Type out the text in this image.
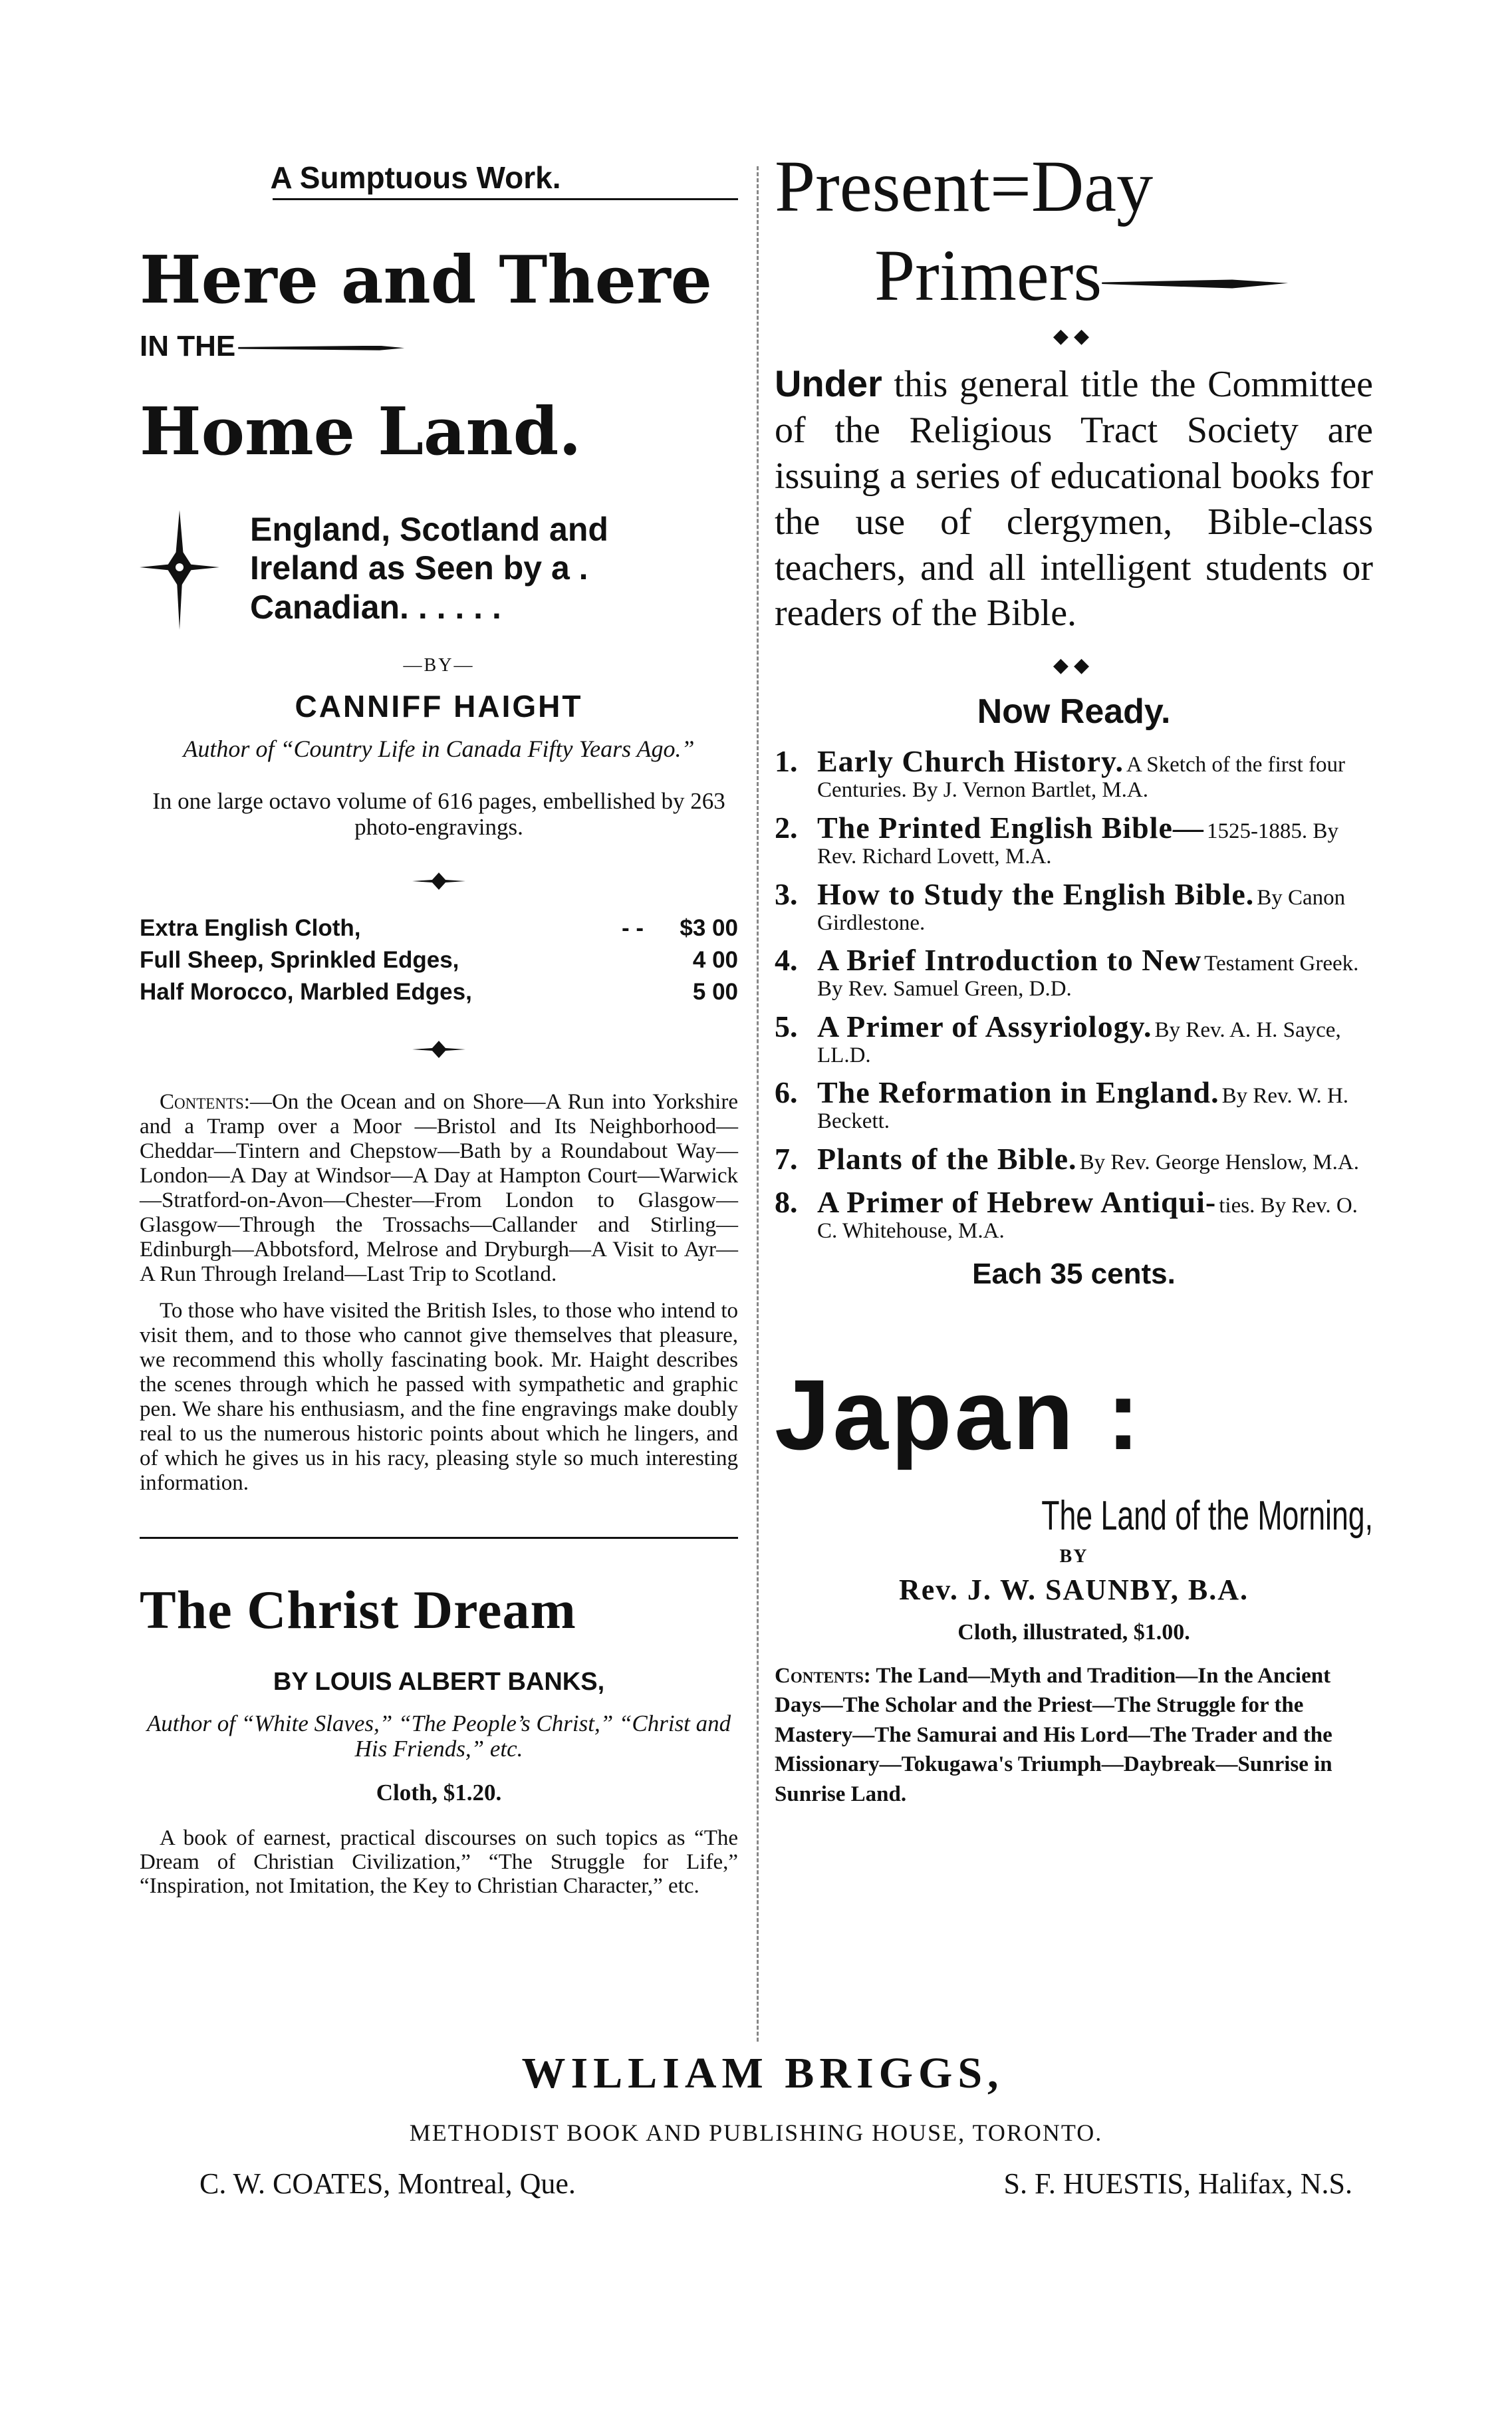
A Sumptuous Work.
Here and There
IN THE
Home Land.
England, Scotland and Ireland as Seen by a . Canadian. . . . . .
—BY—
CANNIFF HAIGHT
Author of “Country Life in Canada Fifty Years Ago.”
In one large octavo volume of 616 pages, embellished by 263 photo-engravings.
Extra English Cloth,	- -	$3 00
Full Sheep, Sprinkled Edges,		4 00
Half Morocco, Marbled Edges,		5 00
Contents:—On the Ocean and on Shore—A Run into Yorkshire and a Tramp over a Moor —Bristol and Its Neighborhood—Cheddar—Tintern and Chepstow—Bath by a Roundabout Way—London—A Day at Windsor—A Day at Hampton Court—Warwick—Stratford-on-Avon—Chester—From London to Glasgow—Glasgow—Through the Trossachs—Callander and Stirling—Edinburgh—Abbotsford, Melrose and Dryburgh—A Visit to Ayr—A Run Through Ireland—Last Trip to Scotland.
To those who have visited the British Isles, to those who intend to visit them, and to those who cannot give themselves that pleasure, we recommend this wholly fascinating book. Mr. Haight describes the scenes through which he passed with sympathetic and graphic pen. We share his enthusiasm, and the fine engravings make doubly real to us the numerous historic points about which he lingers, and of which he gives us in his racy, pleasing style so much interesting information.
The Christ Dream
BY LOUIS ALBERT BANKS,
Author of “White Slaves,” “The People’s Christ,” “Christ and His Friends,” etc.
Cloth, $1.20.
A book of earnest, practical discourses on such topics as “The Dream of Christian Civilization,” “The Struggle for Life,” “Inspiration, not Imitation, the Key to Christian Character,” etc.
Present=Day
Primers
◆◆
Under this general title the Committee of the Religious Tract Society are issuing a series of educational books for the use of clergymen, Bible-class teachers, and all intelligent students or readers of the Bible.
◆◆
Now Ready.
1. Early Church History. A Sketch of the first four Centuries. By J. Vernon Bartlet, M.A.
2. The Printed English Bible— 1525-1885. By Rev. Richard Lovett, M.A.
3. How to Study the English Bible. By Canon Girdlestone.
4. A Brief Introduction to New Testament Greek. By Rev. Samuel Green, D.D.
5. A Primer of Assyriology. By Rev. A. H. Sayce, LL.D.
6. The Reformation in England. By Rev. W. H. Beckett.
7. Plants of the Bible. By Rev. George Henslow, M.A.
8. A Primer of Hebrew Antiqui- ties. By Rev. O. C. Whitehouse, M.A.
Each 35 cents.
Japan :
The Land of the Morning,
BY
Rev. J. W. SAUNBY, B.A.
Cloth, illustrated, $1.00.
Contents: The Land—Myth and Tradition—In the Ancient Days—The Scholar and the Priest—The Struggle for the Mastery—The Samurai and His Lord—The Trader and the Missionary—Tokugawa's Triumph—Daybreak—Sunrise in Sunrise Land.
WILLIAM BRIGGS,
METHODIST BOOK AND PUBLISHING HOUSE, TORONTO.
C. W. COATES, Montreal, Que.	S. F. HUESTIS, Halifax, N.S.
